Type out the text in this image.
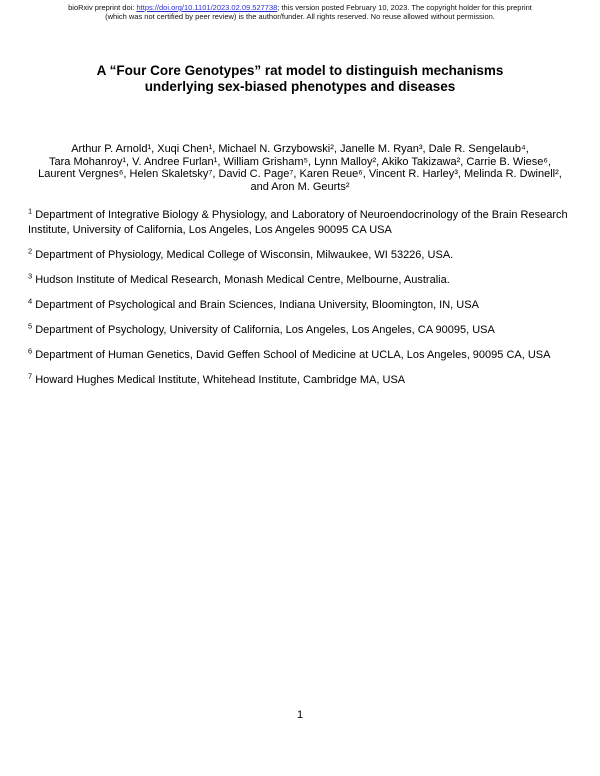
bioRxiv preprint doi: https://doi.org/10.1101/2023.02.09.527738; this version posted February 10, 2023. The copyright holder for this preprint
(which was not certified by peer review) is the author/funder. All rights reserved. No reuse allowed without permission.
A “Four Core Genotypes” rat model to distinguish mechanisms
underlying sex-biased phenotypes and diseases
Arthur P. Arnold¹, Xuqi Chen¹, Michael N. Grzybowski², Janelle M. Ryan³, Dale R. Sengelaub⁴,
Tara Mohanroy¹, V. Andree Furlan¹, William Grisham⁵, Lynn Malloy², Akiko Takizawa², Carrie B. Wiese⁶,
Laurent Vergnes⁶, Helen Skaletsky⁷, David C. Page⁷, Karen Reue⁶, Vincent R. Harley³, Melinda R. Dwinell²,
and Aron M. Geurts²

$^1$ Department of Integrative Biology & Physiology, and Laboratory of Neuroendocrinology of the Brain Research Institute, University of California, Los Angeles, Los Angeles 90095 CA USA

$^2$ Department of Physiology, Medical College of Wisconsin, Milwaukee, WI 53226, USA.

$^3$ Hudson Institute of Medical Research, Monash Medical Centre, Melbourne, Australia.

$^4$ Department of Psychological and Brain Sciences, Indiana University, Bloomington, IN, USA

$^5$ Department of Psychology, University of California, Los Angeles, Los Angeles, CA 90095, USA

$^6$ Department of Human Genetics, David Geffen School of Medicine at UCLA, Los Angeles, 90095 CA, USA

$^7$ Howard Hughes Medical Institute, Whitehead Institute, Cambridge MA, USA

1
